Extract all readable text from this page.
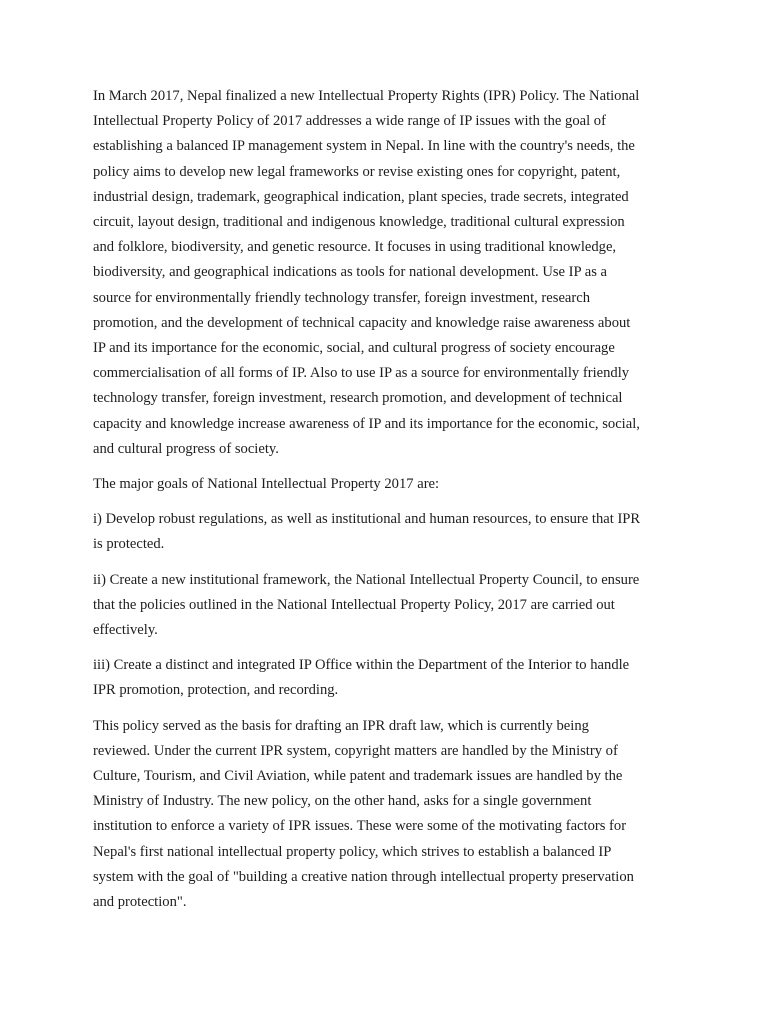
In March 2017, Nepal finalized a new Intellectual Property Rights (IPR) Policy. The National
Intellectual Property Policy of 2017 addresses a wide range of IP issues with the goal of
establishing a balanced IP management system in Nepal. In line with the country's needs, the
policy aims to develop new legal frameworks or revise existing ones for copyright, patent,
industrial design, trademark, geographical indication, plant species, trade secrets, integrated
circuit, layout design, traditional and indigenous knowledge, traditional cultural expression
and folklore, biodiversity, and genetic resource. It focuses in using traditional knowledge,
biodiversity, and geographical indications as tools for national development. Use IP as a
source for environmentally friendly technology transfer, foreign investment, research
promotion, and the development of technical capacity and knowledge raise awareness about
IP and its importance for the economic, social, and cultural progress of society encourage
commercialisation of all forms of IP. Also to use IP as a source for environmentally friendly
technology transfer, foreign investment, research promotion, and development of technical
capacity and knowledge increase awareness of IP and its importance for the economic, social,
and cultural progress of society.

The major goals of National Intellectual Property 2017 are:

i) Develop robust regulations, as well as institutional and human resources, to ensure that IPR
is protected.

ii) Create a new institutional framework, the National Intellectual Property Council, to ensure
that the policies outlined in the National Intellectual Property Policy, 2017 are carried out
effectively.

iii) Create a distinct and integrated IP Office within the Department of the Interior to handle
IPR promotion, protection, and recording.

This policy served as the basis for drafting an IPR draft law, which is currently being
reviewed. Under the current IPR system, copyright matters are handled by the Ministry of
Culture, Tourism, and Civil Aviation, while patent and trademark issues are handled by the
Ministry of Industry. The new policy, on the other hand, asks for a single government
institution to enforce a variety of IPR issues. These were some of the motivating factors for
Nepal's first national intellectual property policy, which strives to establish a balanced IP
system with the goal of "building a creative nation through intellectual property preservation
and protection".
